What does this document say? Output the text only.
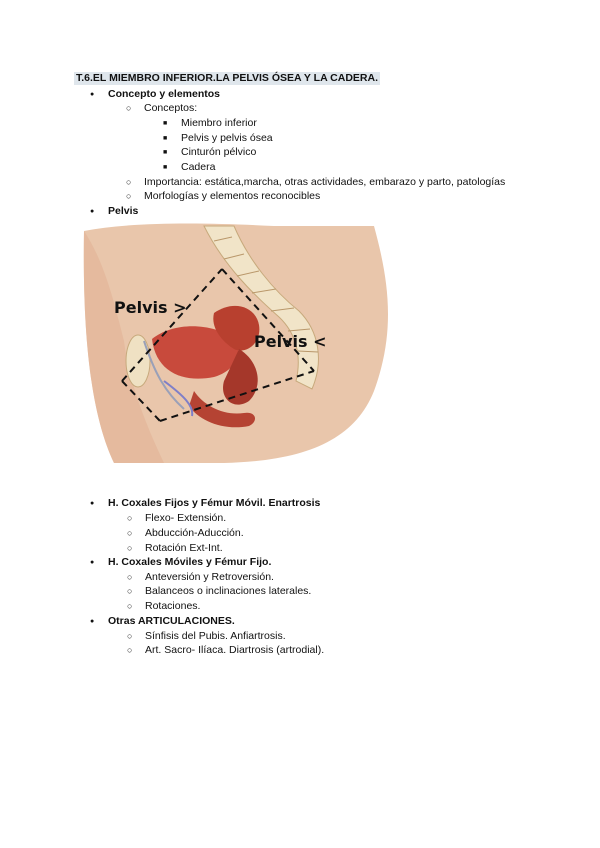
T.6.EL MIEMBRO INFERIOR.LA PELVIS ÓSEA Y LA CADERA.
● Concepto y elementos
○ Conceptos:
■ Miembro inferior
■ Pelvis y pelvis ósea
■ Cinturón pélvico
■ Cadera
○ Importancia: estática,marcha, otras actividades, embarazo y parto, patologías
○ Morfologías y elementos reconocibles
● Pelvis
Pelvis >
Pelvis <
● H. Coxales Fijos y Fémur Móvil. Enartrosis
○ Flexo- Extensión.
○ Abducción-Aducción.
○ Rotación Ext-Int.
● H. Coxales Móviles y Fémur Fijo.
○ Anteversión y Retroversión.
○ Balanceos o inclinaciones laterales.
○ Rotaciones.
● Otras ARTICULACIONES.
○ Sínfisis del Pubis. Anfiartrosis.
○ Art. Sacro- Ilíaca. Diartrosis (artrodial).
